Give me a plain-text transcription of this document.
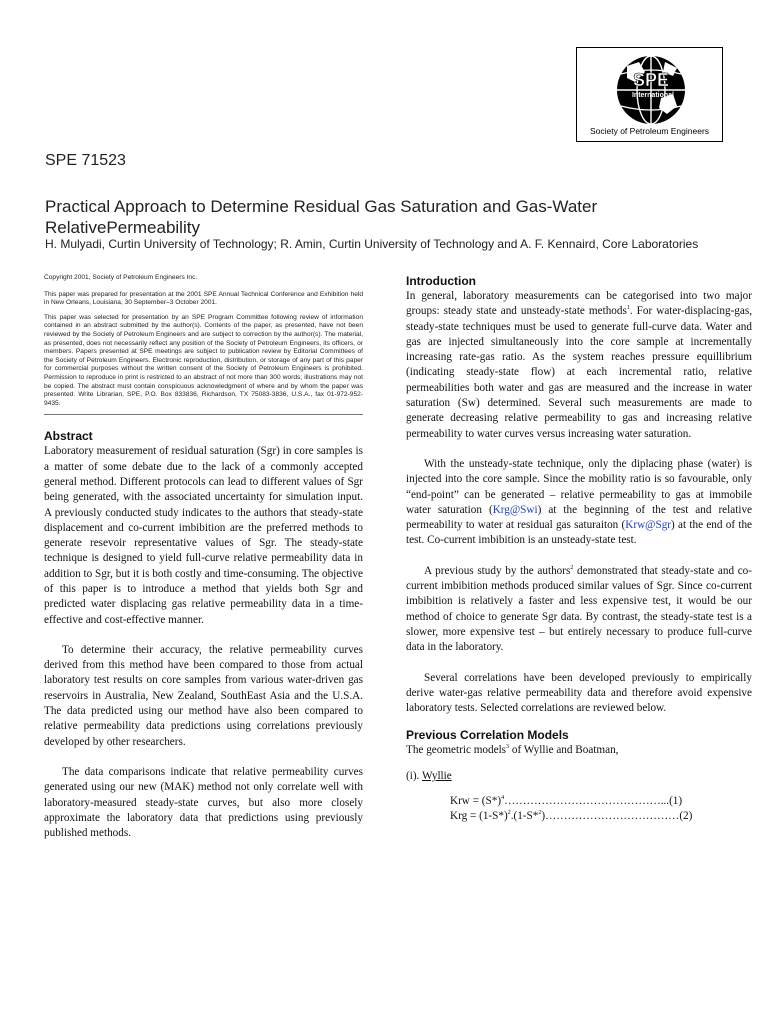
SPE
International
Society of Petroleum Engineers
SPE 71523
Practical Approach to Determine Residual Gas Saturation and Gas-Water RelativePermeability
H. Mulyadi, Curtin University of Technology; R. Amin, Curtin University of Technology and A. F. Kennaird, Core Laboratories

Copyright 2001, Society of Petroleum Engineers Inc.

This paper was prepared for presentation at the 2001 SPE Annual Technical Conference and Exhibition held in New Orleans, Louisiana, 30 September–3 October 2001.

This paper was selected for presentation by an SPE Program Committee following review of information contained in an abstract submitted by the author(s). Contents of the paper, as presented, have not been reviewed by the Society of Petroleum Engineers and are subject to correction by the author(s). The material, as presented, does not necessarily reflect any position of the Society of Petroleum Engineers, its officers, or members. Papers presented at SPE meetings are subject to publication review by Editorial Committees of the Society of Petroleum Engineers. Electronic reproduction, distribution, or storage of any part of this paper for commercial purposes without the written consent of the Society of Petroleum Engineers is prohibited. Permission to reproduce in print is restricted to an abstract of not more than 300 words; illustrations may not be copied. The abstract must contain conspicuous acknowledgment of where and by whom the paper was presented. Write Librarian, SPE, P.O. Box 833836, Richardson, TX 75083-3836, U.S.A., fax 01-972-952-9435.

Abstract

Laboratory measurement of residual saturation (Sgr) in core samples is a matter of some debate due to the lack of a commonly accepted general method. Different protocols can lead to different values of Sgr being generated, with the associated uncertainty for simulation input. A previously conducted study indicates to the authors that steady-state displacement and co-current imbibition are the preferred methods to generate resevoir representative values of Sgr. The steady-state technique is designed to yield full-curve relative permeability data in addition to Sgr, but it is both costly and time-consuming. The objective of this paper is to introduce a method that yields both Sgr and predicted water displacing gas relative permeability data in a time-effective and cost-effective manner.

To determine their accuracy, the relative permeability curves derived from this method have been compared to those from actual laboratory test results on core samples from various water-driven gas reservoirs in Australia, New Zealand, SouthEast Asia and the U.S.A. The data predicted using our method have also been compared to relative permeability data predictions using correlations previously developed by other researchers.

The data comparisons indicate that relative permeability curves generated using our new (MAK) method not only correlate well with laboratory-measured steady-state curves, but also more closely approximate the laboratory data that predictions using previously published methods.

Introduction

In general, laboratory measurements can be categorised into two major groups: steady state and unsteady-state methods$^1$. For water-displacing-gas, steady-state techniques must be used to generate full-curve data. Water and gas are injected simultaneously into the core sample at incrementally increasing rate-gas ratio. As the system reaches pressure equillibrium (indicating steady-state flow) at each incremental ratio, relative permeabilities both water and gas are measured and the increase in water saturation (Sw) determined. Several such measurements are made to generate decreasing relative permeability to gas and increasing relative permeability to water curves versus increasing water saturation.

With the unsteady-state technique, only the diplacing phase (water) is injected into the core sample. Since the mobility ratio is so favourable, only “end-point” can be generated – relative permeability to gas at immobile water saturation (Krg@Swi) at the beginning of the test and relative permeability to water at residual gas saturaiton (Krw@Sgr) at the end of the test. Co-current imbibition is an unsteady-state test.

A previous study by the authors$^2$ demonstrated that steady-state and co-current imbibition methods produced similar values of Sgr. Since co-current imbibition is relatively a faster and less expensive test, it would be our method of choice to generate Sgr data. By contrast, the steady-state test is a slower, more expensive test – but entirely necessary to produce full-curve data in the laboratory.

Several correlations have been developed previously to empirically derive water-gas relative permeability data and therefore avoid expensive laboratory tests. Selected correlations are reviewed below.

Previous Correlation Models

The geometric models$^3$ of Wyllie and Boatman,

(i). Wyllie

Krw = $(S*)^4\dots\dots\dots\dots\dots\dots\dots\dots\dots\dots\dots\dots\dots\dots...(1)$
Krg = $(1-S*)^2.(1-S*^2)\dots\dots\dots\dots\dots\dots\dots\dots\dots\dots\dots\dots(2)$
